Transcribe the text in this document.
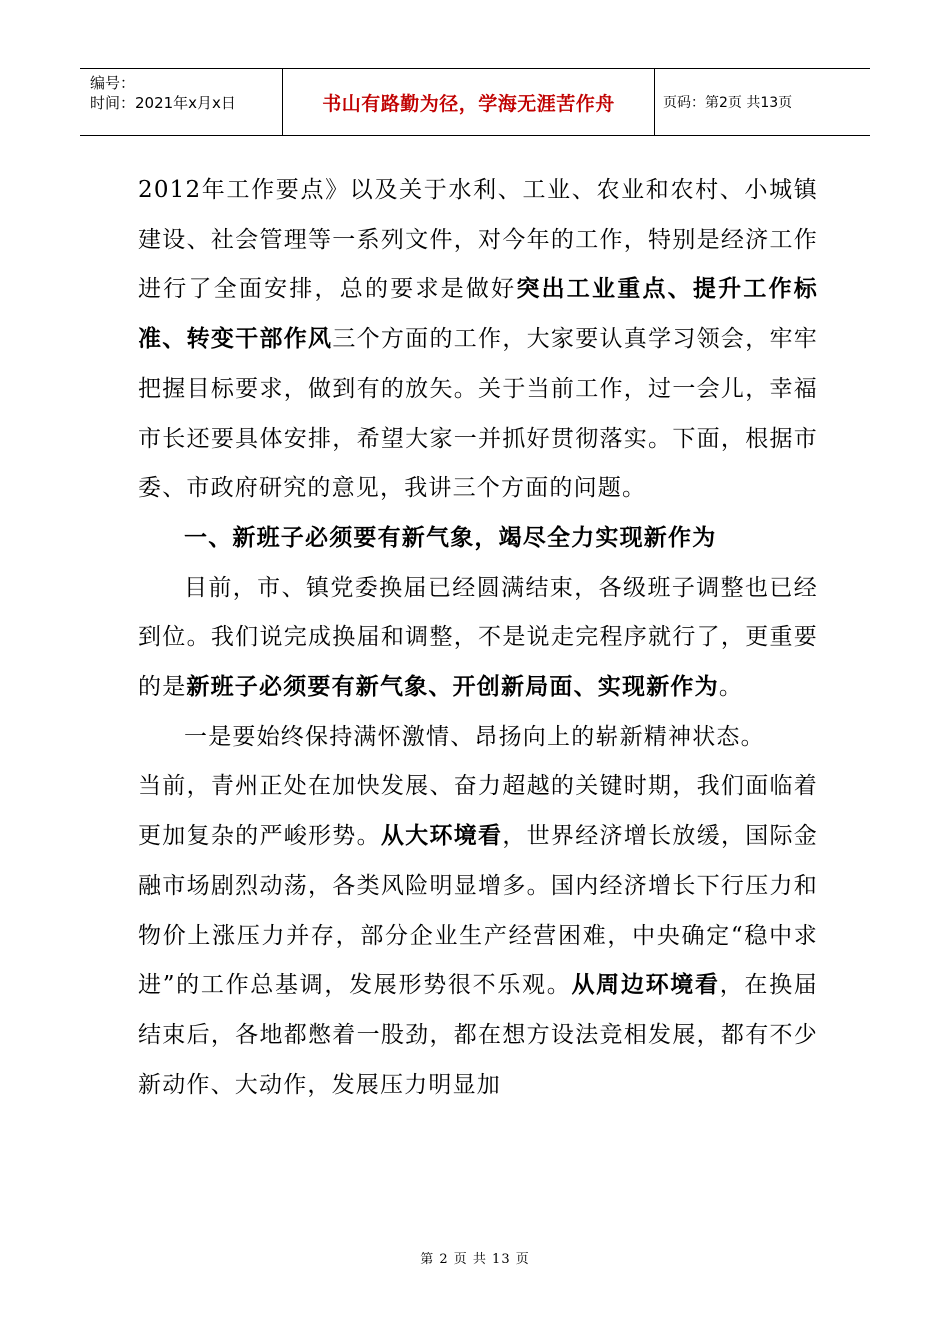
编号：
时间：2021年x月x日	书山有路勤为径，学海无涯苦作舟	页码：第2页 共13页

2012年工作要点》以及关于水利、工业、农业和农村、小城镇建设、社会管理等一系列文件，对今年的工作，特别是经济工作进行了全面安排，总的要求是做好突出工业重点、提升工作标准、转变干部作风三个方面的工作，大家要认真学习领会，牢牢把握目标要求，做到有的放矢。关于当前工作，过一会儿，幸福市长还要具体安排，希望大家一并抓好贯彻落实。下面，根据市委、市政府研究的意见，我讲三个方面的问题。

一、新班子必须要有新气象，竭尽全力实现新作为

目前，市、镇党委换届已经圆满结束，各级班子调整也已经到位。我们说完成换届和调整，不是说走完程序就行了，更重要的是新班子必须要有新气象、开创新局面、实现新作为。

一是要始终保持满怀激情、昂扬向上的崭新精神状态。

当前，青州正处在加快发展、奋力超越的关键时期，我们面临着更加复杂的严峻形势。从大环境看，世界经济增长放缓，国际金融市场剧烈动荡，各类风险明显增多。国内经济增长下行压力和物价上涨压力并存，部分企业生产经营困难，中央确定“稳中求进”的工作总基调，发展形势很不乐观。从周边环境看，在换届结束后，各地都憋着一股劲，都在想方设法竞相发展，都有不少新动作、大动作，发展压力明显加

第 2 页 共 13 页
